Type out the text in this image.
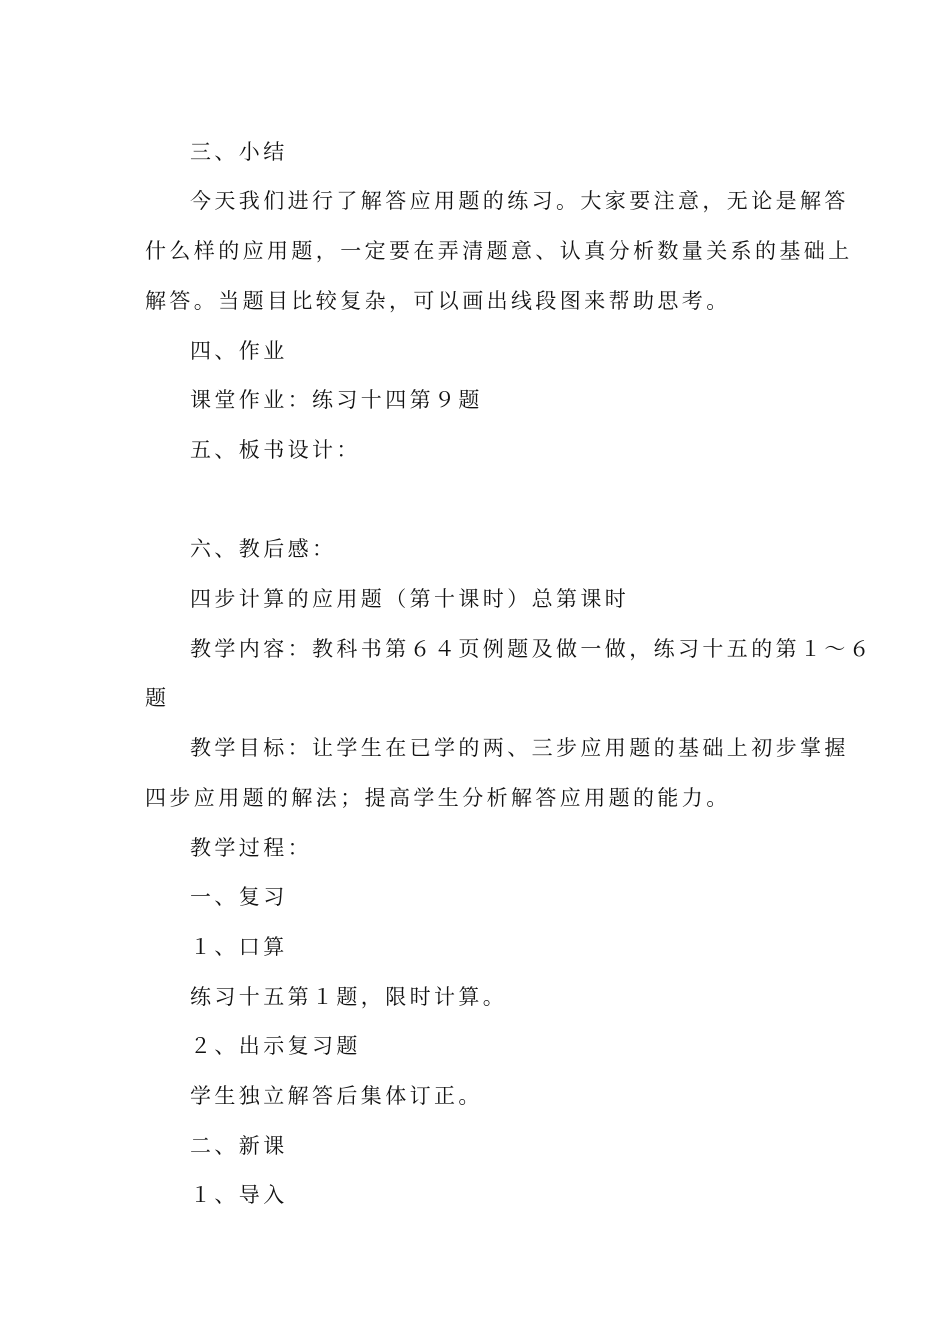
三、小结
今天我们进行了解答应用题的练习。大家要注意，无论是解答
什么样的应用题，一定要在弄清题意、认真分析数量关系的基础上
解答。当题目比较复杂，可以画出线段图来帮助思考。
四、作业
课堂作业：练习十四第９题
五、板书设计：
六、教后感：
四步计算的应用题（第十课时）总第课时
教学内容：教科书第６４页例题及做一做，练习十五的第１～６
题
教学目标：让学生在已学的两、三步应用题的基础上初步掌握
四步应用题的解法；提高学生分析解答应用题的能力。
教学过程：
一、复习
１、口算
练习十五第１题，限时计算。
２、出示复习题
学生独立解答后集体订正。
二、新课
１、导入
